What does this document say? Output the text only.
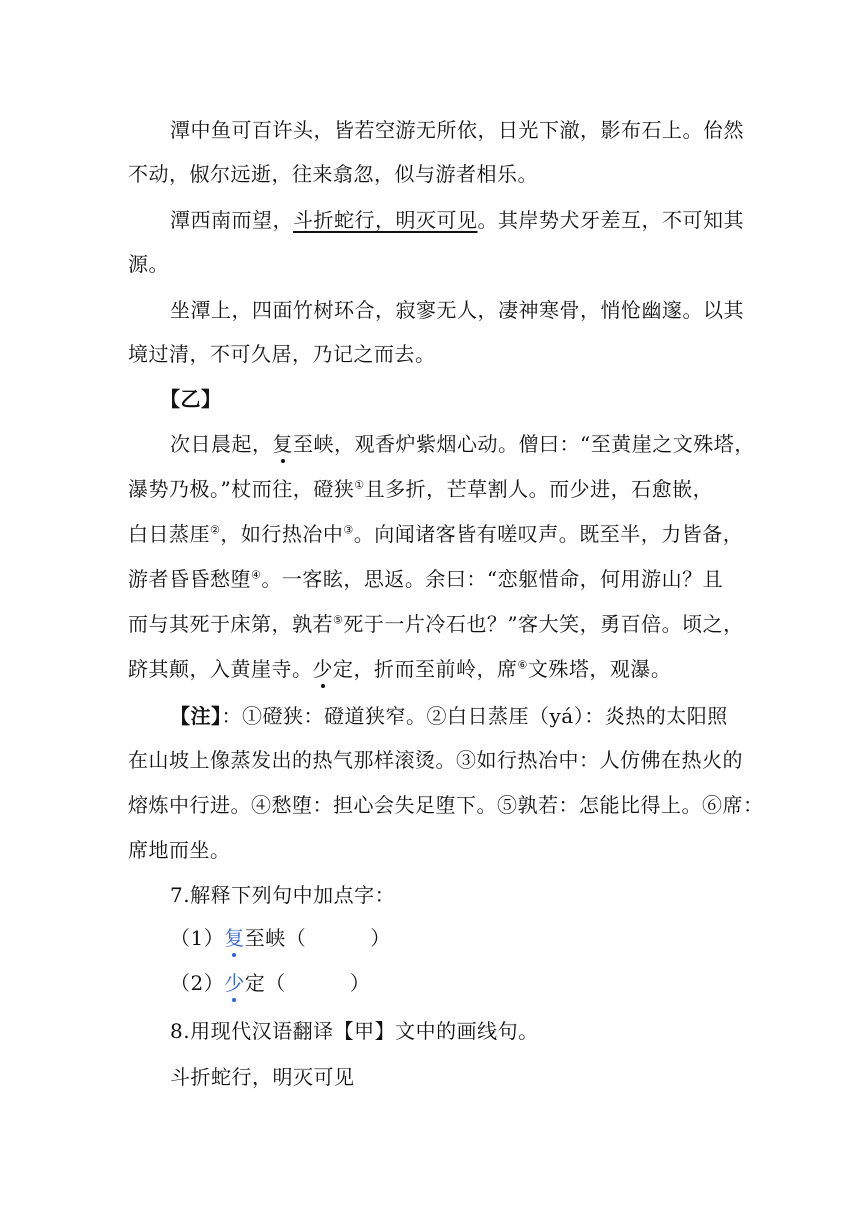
潭中鱼可百许头，皆若空游无所依，日光下澈，影布石上。佁然
不动，俶尔远逝，往来翕忽，似与游者相乐。
潭西南而望，斗折蛇行，明灭可见。其岸势犬牙差互，不可知其
源。
坐潭上，四面竹树环合，寂寥无人，凄神寒骨，悄怆幽邃。以其
境过清，不可久居，乃记之而去。
【乙】
次日晨起，复至峡，观香炉紫烟心动。僧曰：“至黄崖之文殊塔，
瀑势乃极。”杖而往，磴狭①且多折，芒草割人。而少进，石愈嵌，
白日蒸厓②，如行热冶中③。向闻诸客皆有嗟叹声。既至半，力皆备，
游者昏昏愁堕④。一客眩，思返。余曰：“恋躯惜命，何用游山？且
而与其死于床第，孰若⑤死于一片冷石也？”客大笑，勇百倍。顷之，
跻其颠，入黄崖寺。少定，折而至前岭，席⑥文殊塔，观瀑。
【注】：①磴狭：磴道狭窄。②白日蒸厓（yá）：炎热的太阳照
在山坡上像蒸发出的热气那样滚烫。③如行热冶中：人仿佛在热火的
熔炼中行进。④愁堕：担心会失足堕下。⑤孰若：怎能比得上。⑥席：
席地而坐。
7.解释下列句中加点字：
（1）复至峡（	）
（2）少定（	）
8.用现代汉语翻译【甲】文中的画线句。
斗折蛇行，明灭可见
